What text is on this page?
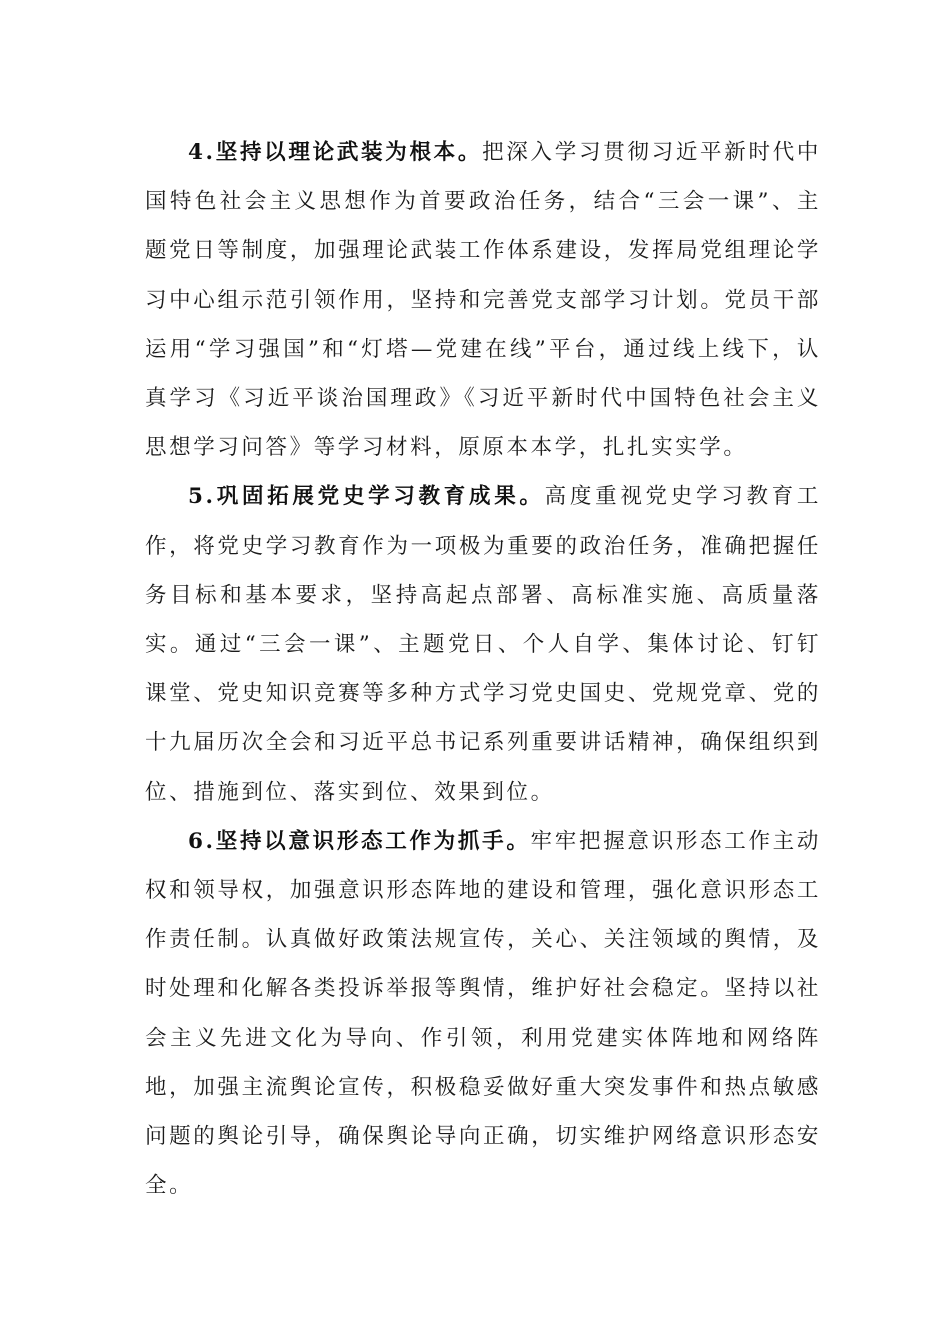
4.坚持以理论武装为根本。把深入学习贯彻习近平新时代中国特色社会主义思想作为首要政治任务，结合“三会一课”、主题党日等制度，加强理论武装工作体系建设，发挥局党组理论学习中心组示范引领作用，坚持和完善党支部学习计划。党员干部运用“学习强国”和“灯塔—党建在线”平台，通过线上线下，认真学习《习近平谈治国理政》《习近平新时代中国特色社会主义思想学习问答》等学习材料，原原本本学，扎扎实实学。

5.巩固拓展党史学习教育成果。高度重视党史学习教育工作，将党史学习教育作为一项极为重要的政治任务，准确把握任务目标和基本要求，坚持高起点部署、高标准实施、高质量落实。通过“三会一课”、主题党日、个人自学、集体讨论、钉钉课堂、党史知识竞赛等多种方式学习党史国史、党规党章、党的十九届历次全会和习近平总书记系列重要讲话精神，确保组织到位、措施到位、落实到位、效果到位。

6.坚持以意识形态工作为抓手。牢牢把握意识形态工作主动权和领导权，加强意识形态阵地的建设和管理，强化意识形态工作责任制。认真做好政策法规宣传，关心、关注领域的舆情，及时处理和化解各类投诉举报等舆情，维护好社会稳定。坚持以社会主义先进文化为导向、作引领，利用党建实体阵地和网络阵地，加强主流舆论宣传，积极稳妥做好重大突发事件和热点敏感问题的舆论引导，确保舆论导向正确，切实维护网络意识形态安全。
